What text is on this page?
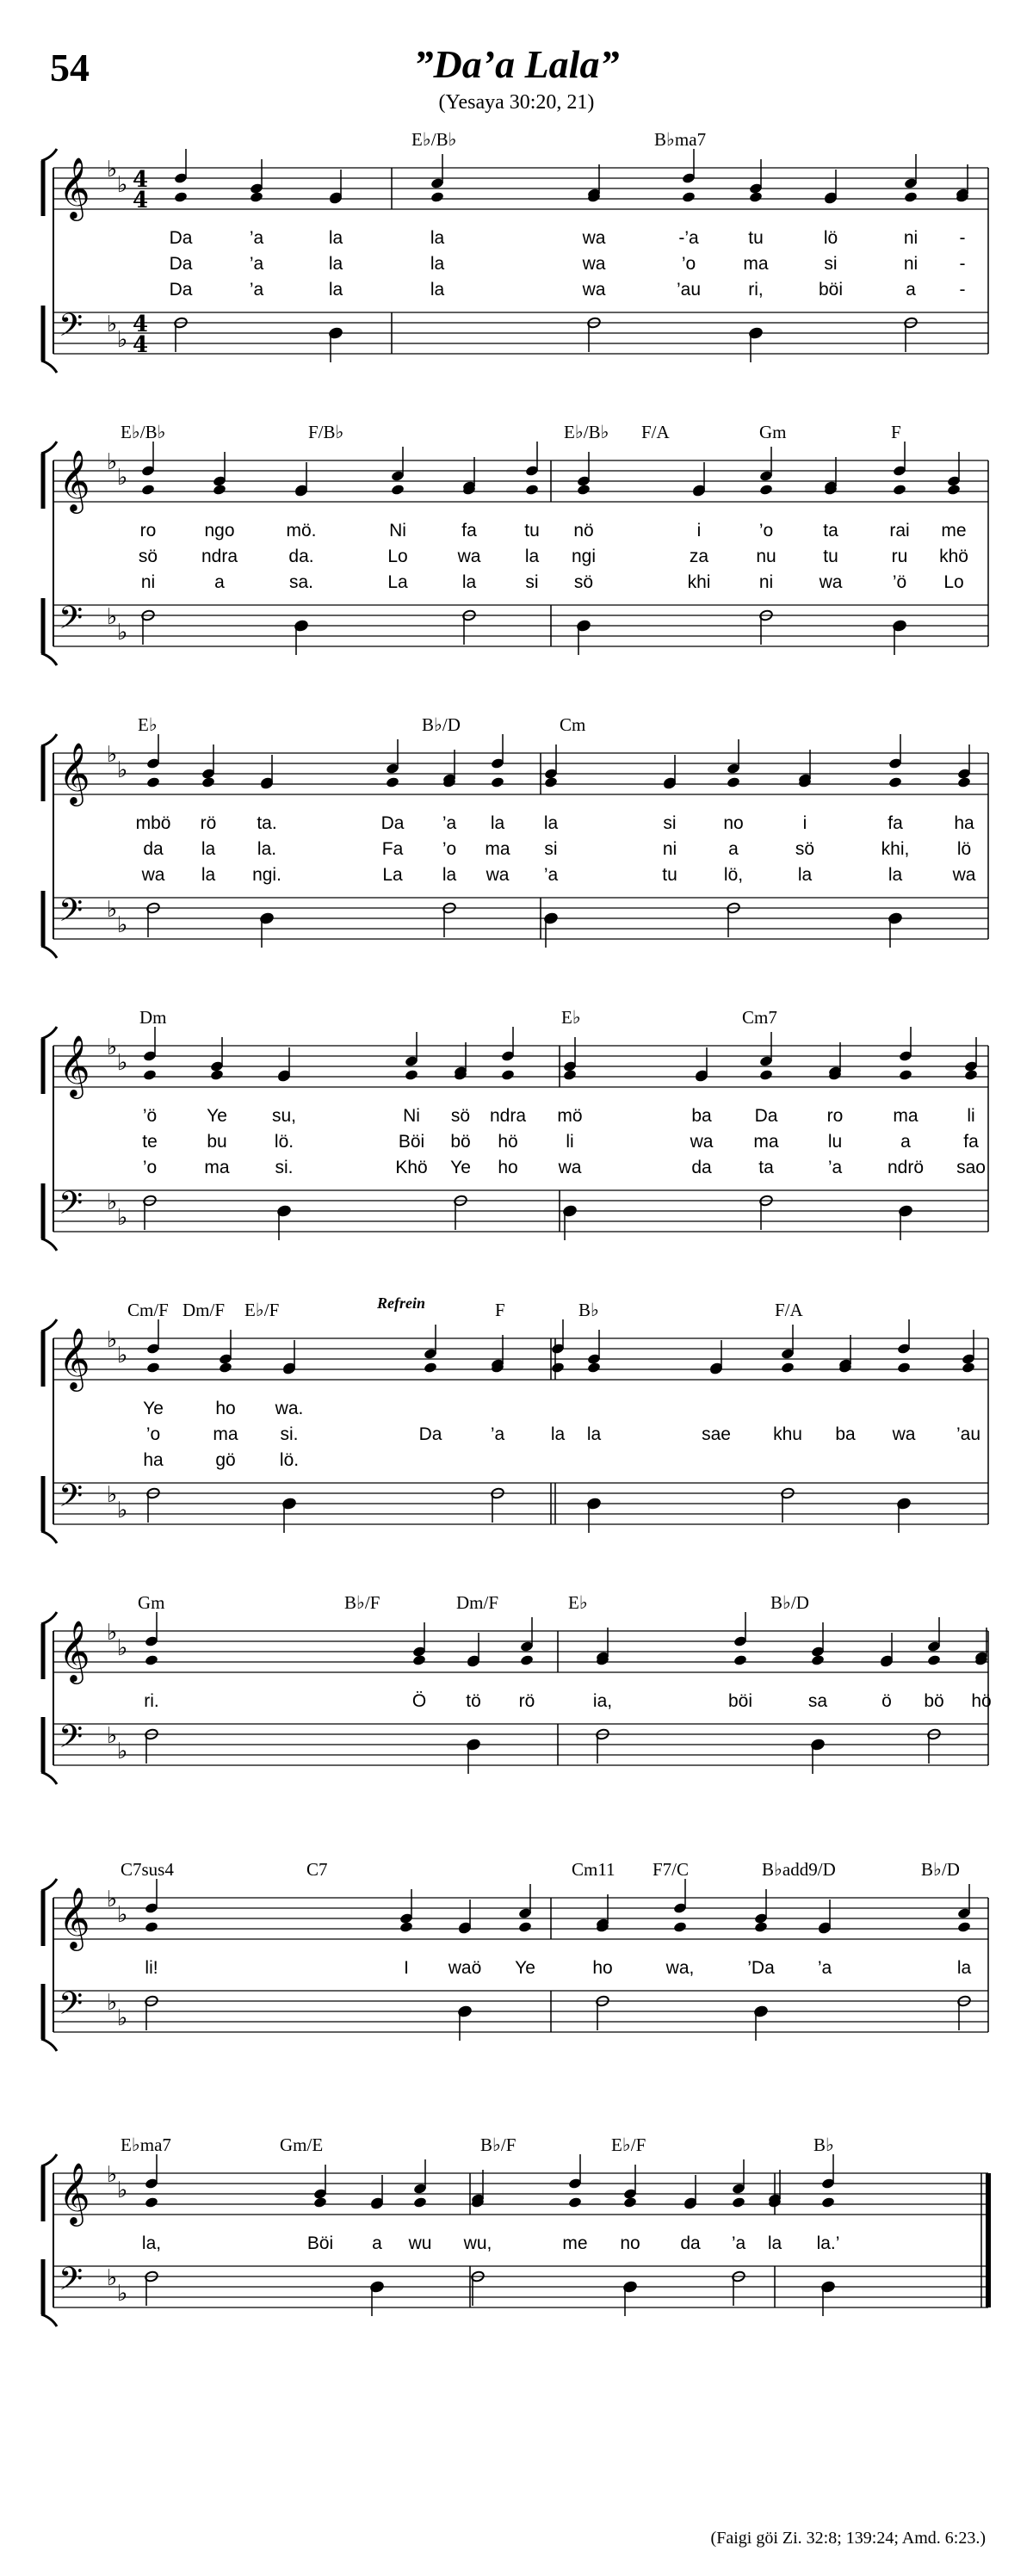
54	”Da’a Lala”
(Yesaya 30:20, 21)
𝄞 ♭
♭ 4
4
𝄢 ♭
♭
4
4
E♭/B♭	B♭ma7
Da	’a	la	la	wa	-’a	tu	lö	ni -
Da	’a	la	la	wa	’o	ma	si	ni -
Da	’a	la	la	wa	’au	ri,	böi	a -
𝄞 ♭
♭
𝄢 ♭
♭
E♭/B♭	F/B♭	E♭/B♭ F/A	Gm	F
ro	ngo	mö.	Ni	fa	tu nö	i	’o	ta	rai me
sö ndra	da.	Lo	wa la ngi	za	nu	tu	ru khö
ni	a	sa.	La	la	si sö	khi	ni	wa	’ö Lo
𝄞 ♭
♭
𝄢 ♭
♭
E♭	B♭/D	Cm
mbö rö ta.	Da ’a la la	si	no	i	fa	ha
da la la.	Fa ’o ma si	ni	a	sö	khi,	lö
wa la ngi.	La la wa ’a	tu	lö,	la	la	wa
𝄞 ♭
♭
𝄢 ♭
♭
Dm	E♭	Cm7
’ö	Ye su,	Ni sö ndra mö	ba Da	ro	ma	li
te	bu	lö.	Böi bö hö	li	wa ma	lu	a	fa
’o	ma	si.	Khö Ye ho wa	da	ta	’a	ndrö sao
𝄞 ♭
♭
𝄢 ♭
♭
Cm/F Dm/F E♭/F	F	B♭	F/A
Refrein
Ye	ho wa.
’o	ma si.	Da	’a	la la	sae khu ba wa ’au
ha	gö lö.
𝄞 ♭
♭
𝄢 ♭
♭
Gm	B♭/F	Dm/F	E♭	B♭/D
ri.	Ö tö rö	ia,	böi	sa	ö bö hö
𝄞 ♭
♭
𝄢 ♭
♭
C7sus4	C7	Cm11 F7/C	B♭add9/D	B♭/D
li!	I waö Ye	ho	wa,	’Da ’a	la
𝄞 ♭
♭
𝄢 ♭
♭
E♭ma7	Gm/E	B♭/F	E♭/F	B♭
la,	Böi a wu wu,	me no da ’a la la.’
(Faigi göi Zi. 32:8; 139:24; Amd. 6:23.)
